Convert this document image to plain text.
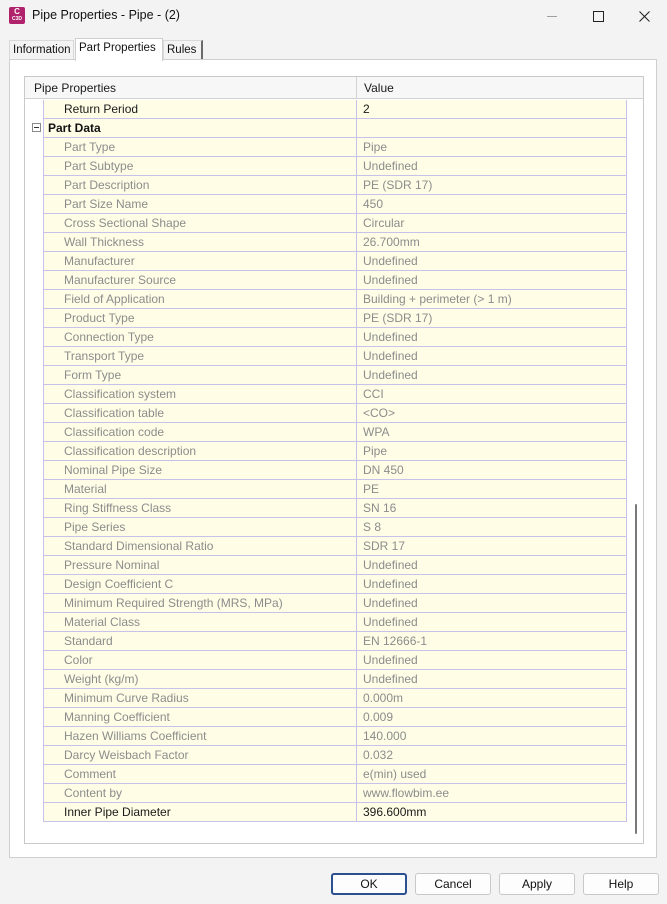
C
C3D Pipe Properties - Pipe - (2)
Information Part Properties Rules
Pipe Properties	Value
Return Period	2
Part Data
Part Type	Pipe
Part Subtype	Undefined
Part Description	PE (SDR 17)
Part Size Name	450
Cross Sectional Shape	Circular
Wall Thickness	26.700mm
Manufacturer	Undefined
Manufacturer Source	Undefined
Field of Application	Building + perimeter (> 1 m)
Product Type	PE (SDR 17)
Connection Type	Undefined
Transport Type	Undefined
Form Type	Undefined
Classification system	CCI
Classification table	<CO>
Classification code	WPA
Classification description	Pipe
Nominal Pipe Size	DN 450
Material	PE
Ring Stiffness Class	SN 16
Pipe Series	S 8
Standard Dimensional Ratio	SDR 17
Pressure Nominal	Undefined
Design Coefficient C	Undefined
Minimum Required Strength (MRS, MPa)	Undefined
Material Class	Undefined
Standard	EN 12666-1
Color	Undefined
Weight (kg/m)	Undefined
Minimum Curve Radius	0.000m
Manning Coefficient	0.009
Hazen Williams Coefficient	140.000
Darcy Weisbach Factor	0.032
Comment	e(min) used
Content by	www.flowbim.ee
Inner Pipe Diameter	396.600mm
OK	Cancel	Apply	Help
